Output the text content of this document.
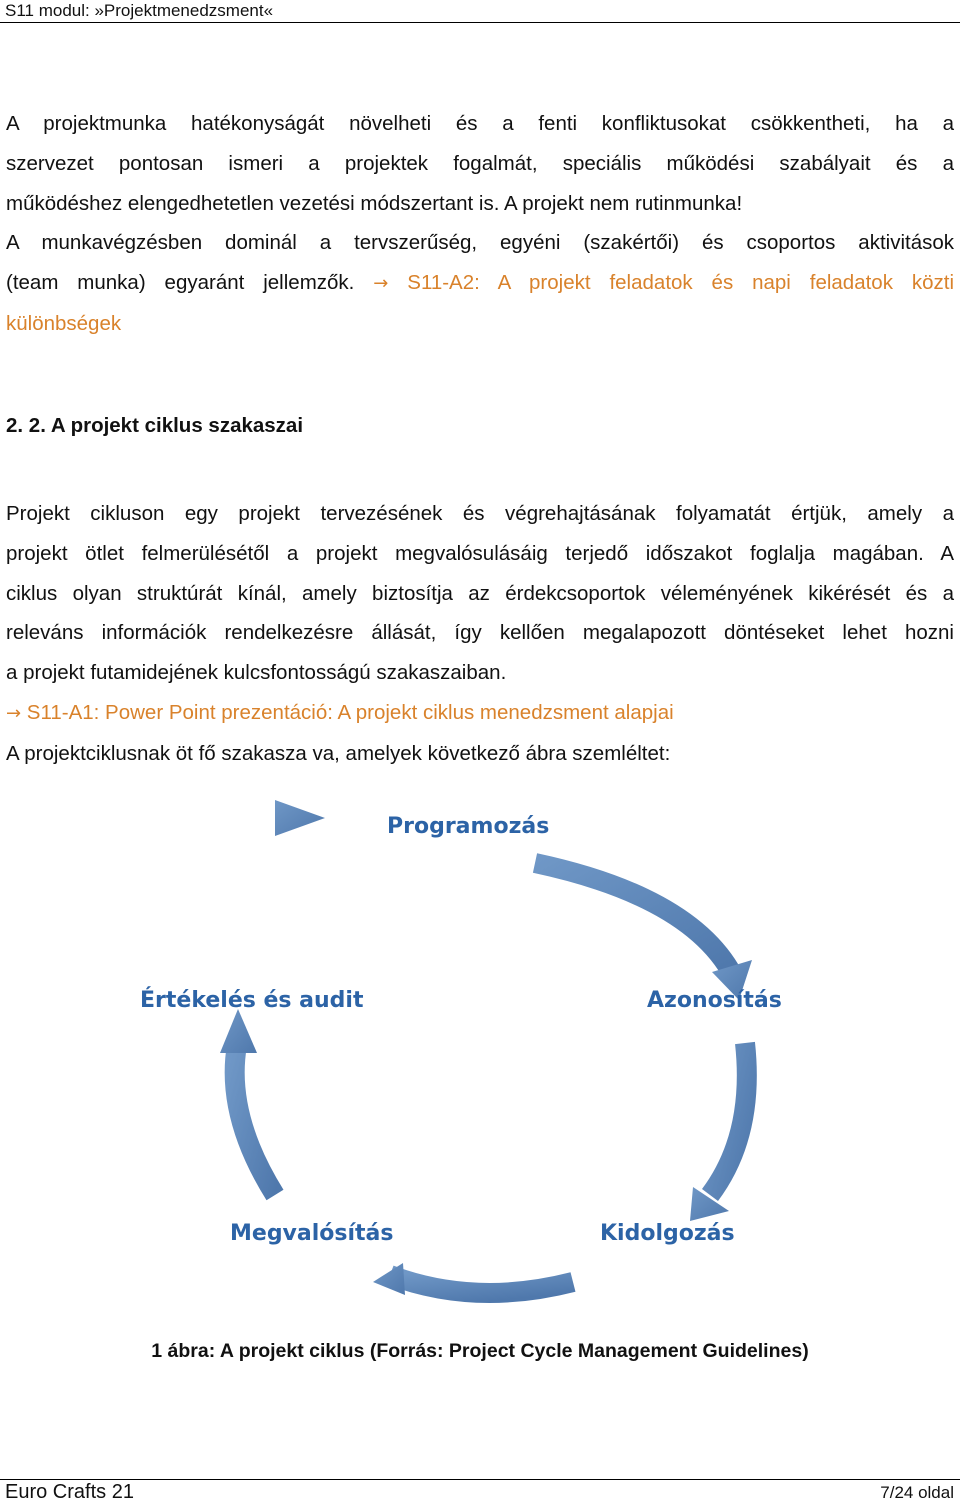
S11 modul: »Projektmenedzsment«
A projektmunka hatékonyságát növelheti és a fenti konfliktusokat csökkentheti, ha a
szervezet pontosan ismeri a projektek fogalmát, speciális működési szabályait és a
működéshez elengedhetetlen vezetési módszertant is. A projekt nem rutinmunka!
A munkavégzésben dominál a tervszerűség, egyéni (szakértői) és csoportos aktivitások
(team munka) egyaránt jellemzők. → S11-A2: A projekt feladatok és napi feladatok közti
különbségek
2. 2. A projekt ciklus szakaszai
Projekt cikluson egy projekt tervezésének és végrehajtásának folyamatát értjük, amely a
projekt ötlet felmerülésétől a projekt megvalósulásáig terjedő időszakot foglalja magában. A
ciklus olyan struktúrát kínál, amely biztosítja az érdekcsoportok véleményének kikérését és a
releváns információk rendelkezésre állását, így kellően megalapozott döntéseket lehet hozni
a projekt futamidejének kulcsfontosságú szakaszaiban.
→ S11-A1: Power Point prezentáció: A projekt ciklus menedzsment alapjai
A projektciklusnak öt fő szakasza va, amelyek következő ábra szemléltet:
Programozás
Azonosítás
Kidolgozás
Megvalósítás
Értékelés és audit
1 ábra: A projekt ciklus (Forrás: Project Cycle Management Guidelines)
Euro Crafts 21	7/24 oldal
